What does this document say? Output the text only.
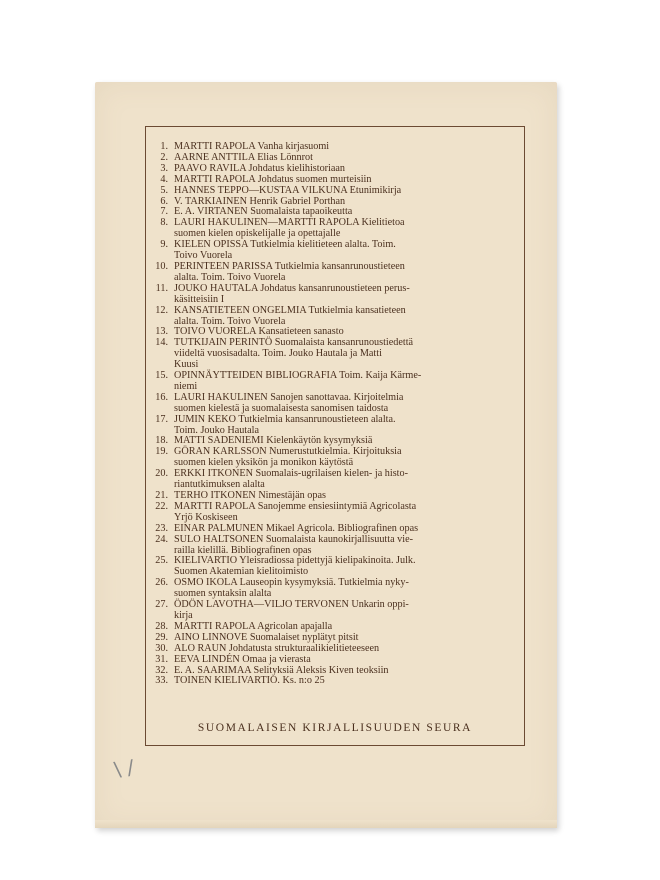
1. MARTTI RAPOLA Vanha kirjasuomi
2. AARNE ANTTILA Elias Lönnrot
3. PAAVO RAVILA Johdatus kielihistoriaan
4. MARTTI RAPOLA Johdatus suomen murteisiin
5. HANNES TEPPO—KUSTAA VILKUNA Etunimikirja
6. V. TARKIAINEN Henrik Gabriel Porthan
7. E. A. VIRTANEN Suomalaista tapaoikeutta
8. LAURI HAKULINEN—MARTTI RAPOLA Kielitietoa
suomen kielen opiskelijalle ja opettajalle
9. KIELEN OPISSA Tutkielmia kielitieteen alalta. Toim.
Toivo Vuorela
10. PERINTEEN PARISSA Tutkielmia kansanrunoustieteen
alalta. Toim. Toivo Vuorela
11. JOUKO HAUTALA Johdatus kansanrunoustieteen perus-
käsitteisiin I
12. KANSATIETEEN ONGELMIA Tutkielmia kansatieteen
alalta. Toim. Toivo Vuorela
13. TOIVO VUORELA Kansatieteen sanasto
14. TUTKIJAIN PERINTÖ Suomalaista kansanrunoustiedettä
viideltä vuosisadalta. Toim. Jouko Hautala ja Matti
Kuusi
15. OPINNÄYTTEIDEN BIBLIOGRAFIA Toim. Kaija Kärme-
niemi
16. LAURI HAKULINEN Sanojen sanottavaa. Kirjoitelmia
suomen kielestä ja suomalaisesta sanomisen taidosta
17. JUMIN KEKO Tutkielmia kansanrunoustieteen alalta.
Toim. Jouko Hautala
18. MATTI SADENIEMI Kielenkäytön kysymyksiä
19. GÖRAN KARLSSON Numerustutkielmia. Kirjoituksia
suomen kielen yksikön ja monikon käytöstä
20. ERKKI ITKONEN Suomalais-ugrilaisen kielen- ja histo-
riantutkimuksen alalta
21. TERHO ITKONEN Nimestäjän opas
22. MARTTI RAPOLA Sanojemme ensiesiintymiä Agricolasta
Yrjö Koskiseen
23. EINAR PALMUNEN Mikael Agricola. Bibliografinen opas
24. SULO HALTSONEN Suomalaista kaunokirjallisuutta vie-
railla kielillä. Bibliografinen opas
25. KIELIVARTIO Yleisradiossa pidettyjä kielipakinoita. Julk.
Suomen Akatemian kielitoimisto
26. OSMO IKOLA Lauseopin kysymyksiä. Tutkielmia nyky-
suomen syntaksin alalta
27. ÖDÖN LAVOTHA—VILJO TERVONEN Unkarin oppi-
kirja
28. MARTTI RAPOLA Agricolan apajalla
29. AINO LINNOVE Suomalaiset nyplätyt pitsit
30. ALO RAUN Johdatusta strukturaalikielitieteeseen
31. EEVA LINDÉN Omaa ja vierasta
32. E. A. SAARIMAA Selityksiä Aleksis Kiven teoksiin
33. TOINEN KIELIVARTIO. Ks. n:o 25
SUOMALAISEN KIRJALLISUUDEN SEURA
\ /
